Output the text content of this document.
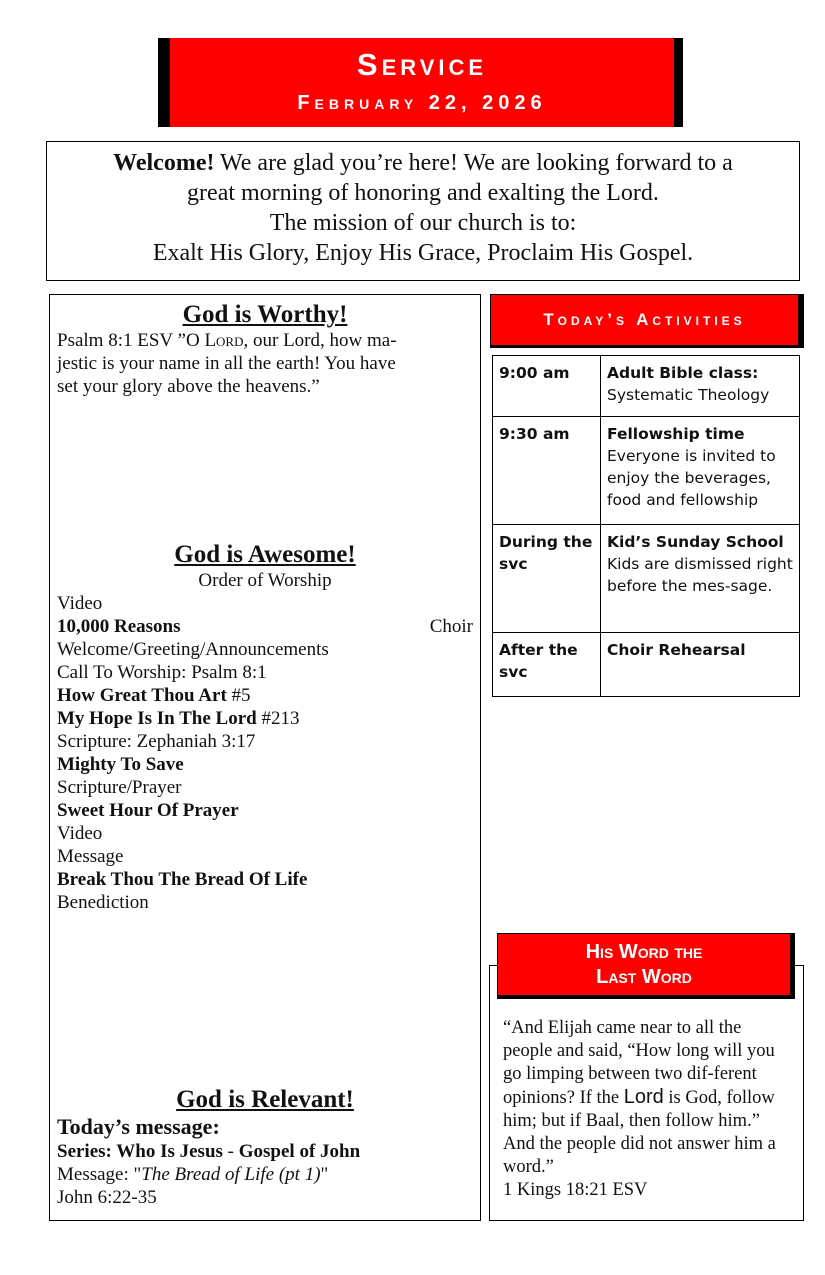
Service
February 22, 2026
Welcome! We are glad you’re here! We are looking forward to a
great morning of honoring and exalting the Lord.
The mission of our church is to:
Exalt His Glory, Enjoy His Grace, Proclaim His Gospel.
God is Worthy!
Psalm 8:1 ESV ”O Lord, our Lord, how ma-
jestic is your name in all the earth! You have
set your glory above the heavens.”
God is Awesome!
Order of Worship
Video
10,000 Reasons	Choir
Welcome/Greeting/Announcements
Call To Worship: Psalm 8:1
How Great Thou Art #5
My Hope Is In The Lord #213
Scripture: Zephaniah 3:17
Mighty To Save
Scripture/Prayer
Sweet Hour Of Prayer
Video
Message
Break Thou The Bread Of Life
Benediction
God is Relevant!
Today’s message:
Series: Who Is Jesus - Gospel of John
Message: "The Bread of Life (pt 1)"
John 6:22-35
Today’s Activities
9:00 am	Adult Bible class:
Systematic Theology

9:30 am	Fellowship time
Everyone is invited to enjoy the beverages, food and fellowship

During the svc	Kid’s Sunday School
Kids are dismissed right before the mes-sage.

After the svc	Choir Rehearsal
His Word the
Last Word
“And Elijah came near to all the people and said, “How long will you go limping between two dif-ferent opinions? If the Lord is God, follow him; but if Baal, then follow him.” And the people did not answer him a word.”
1 Kings 18:21 ESV
